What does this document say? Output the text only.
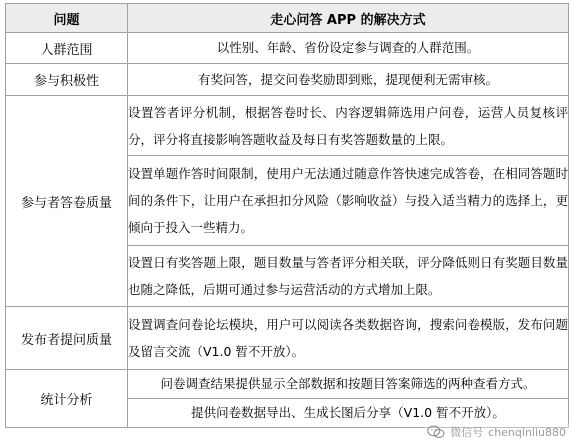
问题	走心问答 APP 的解决方式
人群范围	以性别、年龄、省份设定参与调查的人群范围。
参与积极性	有奖问答，提交问卷奖励即到账，提现便利无需审核。
参与者答卷质量	设置答者评分机制，根据答卷时长、内容逻辑筛选用户问卷，运营人员复核评分，评分将直接影响答题收益及每日有奖答题数量的上限。
	设置单题作答时间限制，使用户无法通过随意作答快速完成答卷，在相同答题时间的条件下，让用户在承担扣分风险（影响收益）与投入适当精力的选择上，更倾向于投入一些精力。
	设置日有奖答题上限，题目数量与答者评分相关联，评分降低则日有奖题目数量也随之降低，后期可通过参与运营活动的方式增加上限。
发布者提问质量	设置调查问卷论坛模块，用户可以阅读各类数据咨询，搜索问卷模版，发布问题及留言交流（V1.0 暂不开放）。
统计分析	问卷调查结果提供显示全部数据和按题目答案筛选的两种查看方式。
	提供问卷数据导出、生成长图后分享（V1.0 暂不开放）。
微信号 chenqinliu880
